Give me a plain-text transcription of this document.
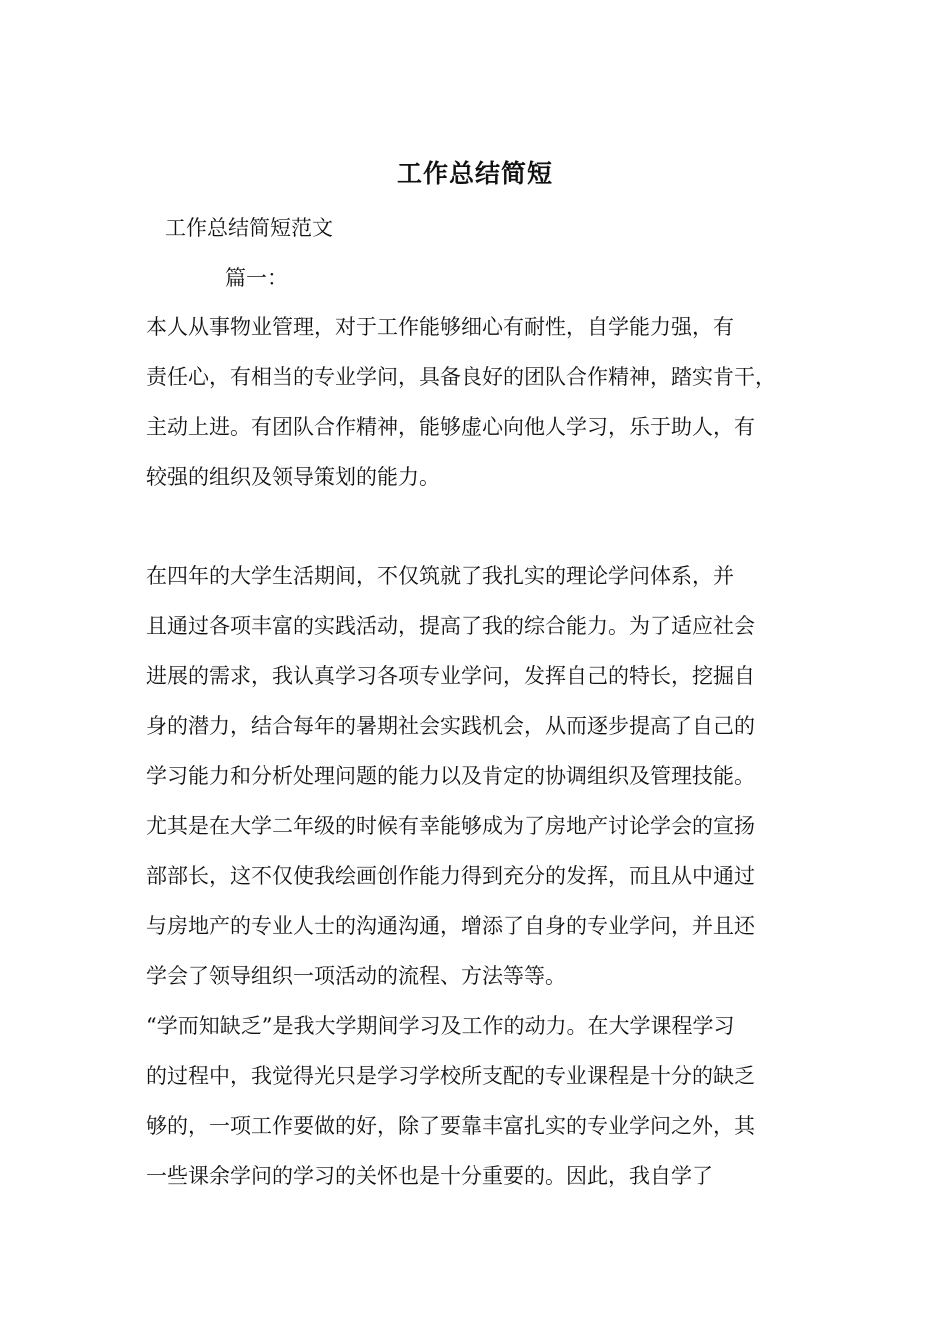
工作总结简短
工作总结简短范文
篇一：
本人从事物业管理，对于工作能够细心有耐性，自学能力强，有
责任心，有相当的专业学问，具备良好的团队合作精神，踏实肯干，
主动上进。有团队合作精神，能够虚心向他人学习，乐于助人，有
较强的组织及领导策划的能力。
在四年的大学生活期间，不仅筑就了我扎实的理论学问体系，并
且通过各项丰富的实践活动，提高了我的综合能力。为了适应社会
进展的需求，我认真学习各项专业学问，发挥自己的特长，挖掘自
身的潜力，结合每年的暑期社会实践机会，从而逐步提高了自己的
学习能力和分析处理问题的能力以及肯定的协调组织及管理技能。
尤其是在大学二年级的时候有幸能够成为了房地产讨论学会的宣扬
部部长，这不仅使我绘画创作能力得到充分的发挥，而且从中通过
与房地产的专业人士的沟通沟通，增添了自身的专业学问，并且还
学会了领导组织一项活动的流程、方法等等。
“学而知缺乏”是我大学期间学习及工作的动力。在大学课程学习
的过程中，我觉得光只是学习学校所支配的专业课程是十分的缺乏
够的，一项工作要做的好，除了要靠丰富扎实的专业学问之外，其
一些课余学问的学习的关怀也是十分重要的。因此，我自学了
